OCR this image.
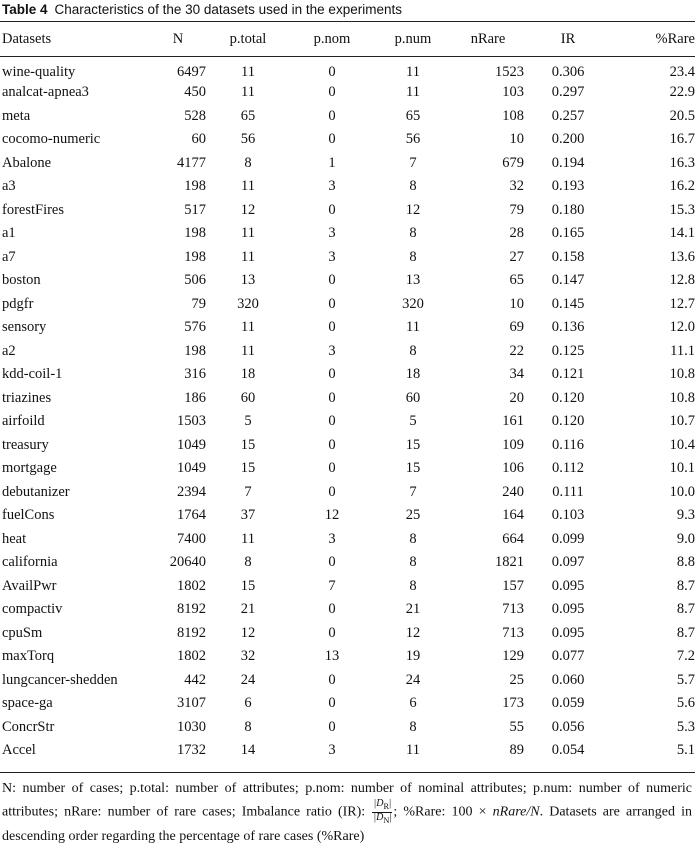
Table 4 Characteristics of the 30 datasets used in the experiments
Datasets	N	p.total	p.nom	p.num	nRare	IR	%Rare
wine-quality	6497	11	0	11	1523	0.306	23.4
analcat-apnea3	450	11	0	11	103	0.297	22.9
meta	528	65	0	65	108	0.257	20.5
cocomo-numeric	60	56	0	56	10	0.200	16.7
Abalone	4177	8	1	7	679	0.194	16.3
a3	198	11	3	8	32	0.193	16.2
forestFires	517	12	0	12	79	0.180	15.3
a1	198	11	3	8	28	0.165	14.1
a7	198	11	3	8	27	0.158	13.6
boston	506	13	0	13	65	0.147	12.8
pdgfr	79	320	0	320	10	0.145	12.7
sensory	576	11	0	11	69	0.136	12.0
a2	198	11	3	8	22	0.125	11.1
kdd-coil-1	316	18	0	18	34	0.121	10.8
triazines	186	60	0	60	20	0.120	10.8
airfoild	1503	5	0	5	161	0.120	10.7
treasury	1049	15	0	15	109	0.116	10.4
mortgage	1049	15	0	15	106	0.112	10.1
debutanizer	2394	7	0	7	240	0.111	10.0
fuelCons	1764	37	12	25	164	0.103	9.3
heat	7400	11	3	8	664	0.099	9.0
california	20640	8	0	8	1821	0.097	8.8
AvailPwr	1802	15	7	8	157	0.095	8.7
compactiv	8192	21	0	21	713	0.095	8.7
cpuSm	8192	12	0	12	713	0.095	8.7
maxTorq	1802	32	13	19	129	0.077	7.2
lungcancer-shedden	442	24	0	24	25	0.060	5.7
space-ga	3107	6	0	6	173	0.059	5.6
ConcrStr	1030	8	0	8	55	0.056	5.3
Accel	1732	14	3	11	89	0.054	5.1
N: number of cases; p.total: number of attributes; p.nom: number of nominal attributes; p.num: number of numeric attributes; nRare: number of rare cases; Imbalance ratio (IR): $\frac{|D_R|}{|D_N|}$ ; %Rare: 100 × nRare/N. Datasets are arranged in descending order regarding the percentage of rare cases (%Rare)
